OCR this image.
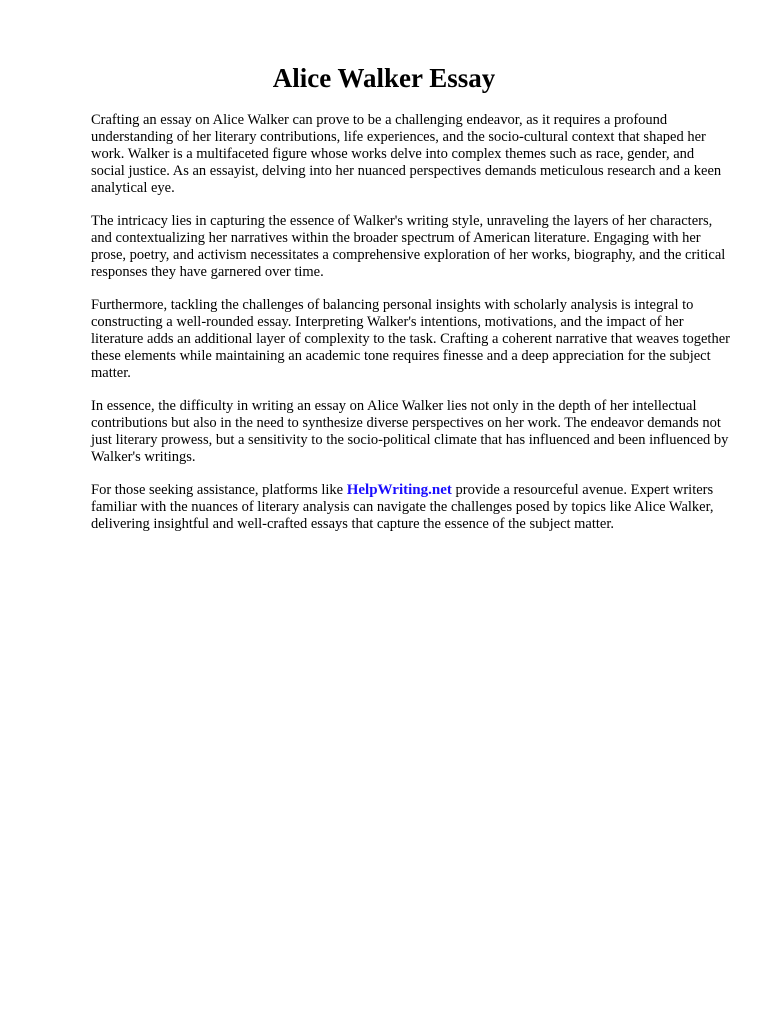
Alice Walker Essay

Crafting an essay on Alice Walker can prove to be a challenging endeavor, as it requires a profound understanding of her literary contributions, life experiences, and the socio-cultural context that shaped her work. Walker is a multifaceted figure whose works delve into complex themes such as race, gender, and social justice. As an essayist, delving into her nuanced perspectives demands meticulous research and a keen analytical eye.

The intricacy lies in capturing the essence of Walker's writing style, unraveling the layers of her characters, and contextualizing her narratives within the broader spectrum of American literature. Engaging with her prose, poetry, and activism necessitates a comprehensive exploration of her works, biography, and the critical responses they have garnered over time.

Furthermore, tackling the challenges of balancing personal insights with scholarly analysis is integral to constructing a well-rounded essay. Interpreting Walker's intentions, motivations, and the impact of her literature adds an additional layer of complexity to the task. Crafting a coherent narrative that weaves together these elements while maintaining an academic tone requires finesse and a deep appreciation for the subject matter.

In essence, the difficulty in writing an essay on Alice Walker lies not only in the depth of her intellectual contributions but also in the need to synthesize diverse perspectives on her work. The endeavor demands not just literary prowess, but a sensitivity to the socio-political climate that has influenced and been influenced by Walker's writings.

For those seeking assistance, platforms like HelpWriting.net provide a resourceful avenue. Expert writers familiar with the nuances of literary analysis can navigate the challenges posed by topics like Alice Walker, delivering insightful and well-crafted essays that capture the essence of the subject matter.
